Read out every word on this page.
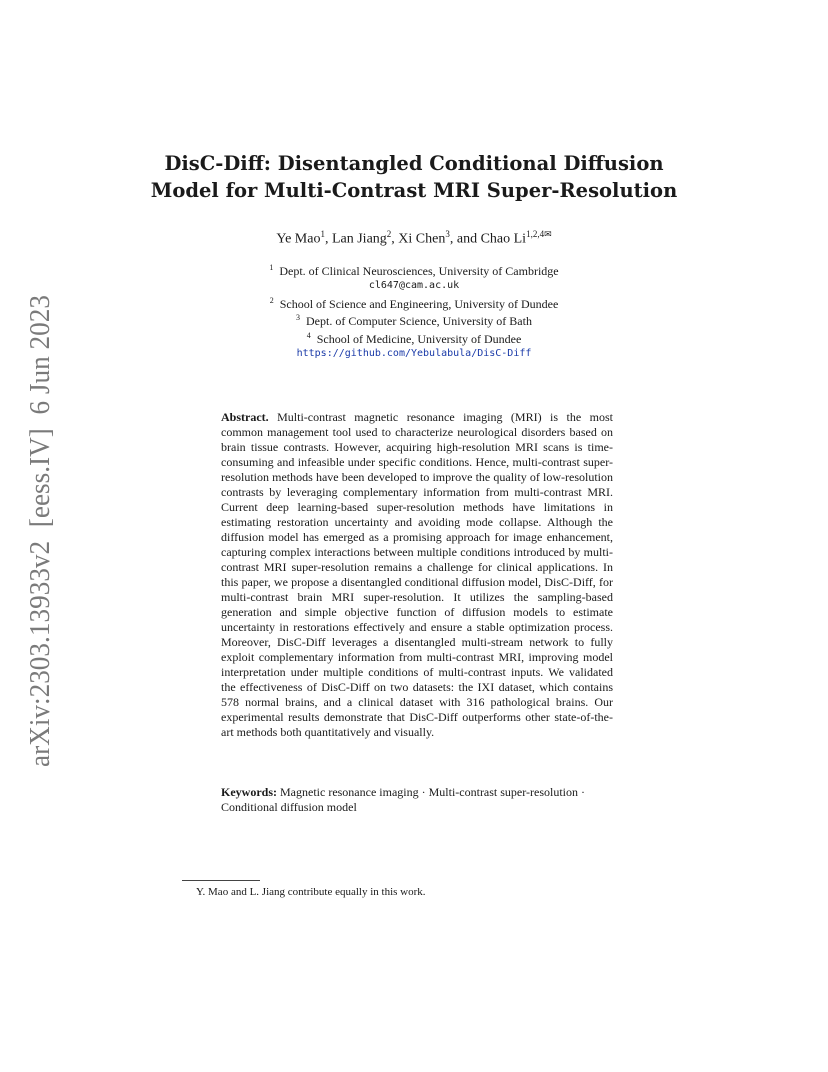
arXiv:2303.13933v2  [eess.IV]  6 Jun 2023
DisC-Diff: Disentangled Conditional Diffusion
Model for Multi-Contrast MRI Super-Resolution
Ye Mao$^1$, Lan Jiang$^2$, Xi Chen$^3$, and Chao $Li^{1,2,4✉}$
$^1$ Dept. of Clinical Neurosciences, University of Cambridge
cl647@cam.ac.uk
$^2$ School of Science and Engineering, University of Dundee
$^3$ Dept. of Computer Science, University of Bath
$^4$ School of Medicine, University of Dundee
https://github.com/Yebulabula/DisC-Diff
Abstract. Multi-contrast magnetic resonance imaging (MRI) is the most common management tool used to characterize neurological disorders based on brain tissue contrasts. However, acquiring high-resolution MRI scans is time-consuming and infeasible under specific conditions. Hence, multi-contrast super-resolution methods have been developed to improve the quality of low-resolution contrasts by leveraging complementary information from multi-contrast MRI. Current deep learning-based super-resolution methods have limitations in estimating restoration uncertainty and avoiding mode collapse. Although the diffusion model has emerged as a promising approach for image enhancement, capturing complex interactions between multiple conditions introduced by multi-contrast MRI super-resolution remains a challenge for clinical applications. In this paper, we propose a disentangled conditional diffusion model, DisC-Diff, for multi-contrast brain MRI super-resolution. It utilizes the sampling-based generation and simple objective function of diffusion models to estimate uncertainty in restorations effectively and ensure a stable optimization process. Moreover, DisC-Diff leverages a disentangled multi-stream network to fully exploit complementary information from multi-contrast MRI, improving model interpretation under multiple conditions of multi-contrast inputs. We validated the effectiveness of DisC-Diff on two datasets: the IXI dataset, which contains 578 normal brains, and a clinical dataset with 316 pathological brains. Our experimental results demonstrate that DisC-Diff outperforms other state-of-the-art methods both quantitatively and visually.
Keywords: Magnetic resonance imaging · Multi-contrast super-resolution · Conditional diffusion model
Y. Mao and L. Jiang contribute equally in this work.
